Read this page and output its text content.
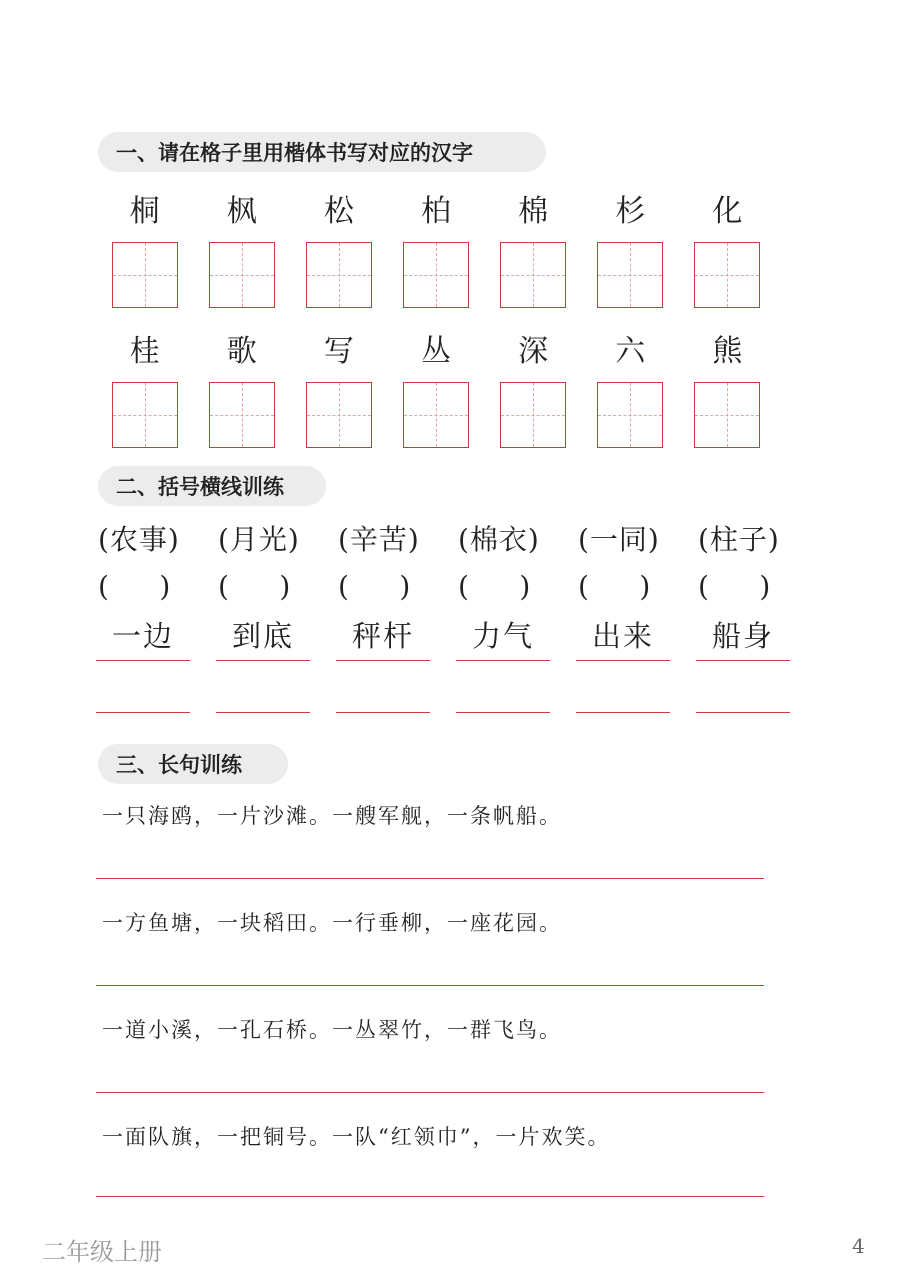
一、请在格子里用楷体书写对应的汉字
桐	枫	松	柏	棉	杉	化
桂	歌	写	丛	深	六	熊
二、括号横线训练
(农事)	(月光)	(辛苦)	(棉衣)	(一同)	(柱子)
(     )	(     )	(     )	(     )	(     )	(     )
一边	到底	秤杆	力气	出来	船身
三、长句训练
一只海鸥，一片沙滩。一艘军舰，一条帆船。
一方鱼塘，一块稻田。一行垂柳，一座花园。
一道小溪，一孔石桥。一丛翠竹，一群飞鸟。
一面队旗，一把铜号。一队“红领巾”，一片欢笑。
二年级上册	4
